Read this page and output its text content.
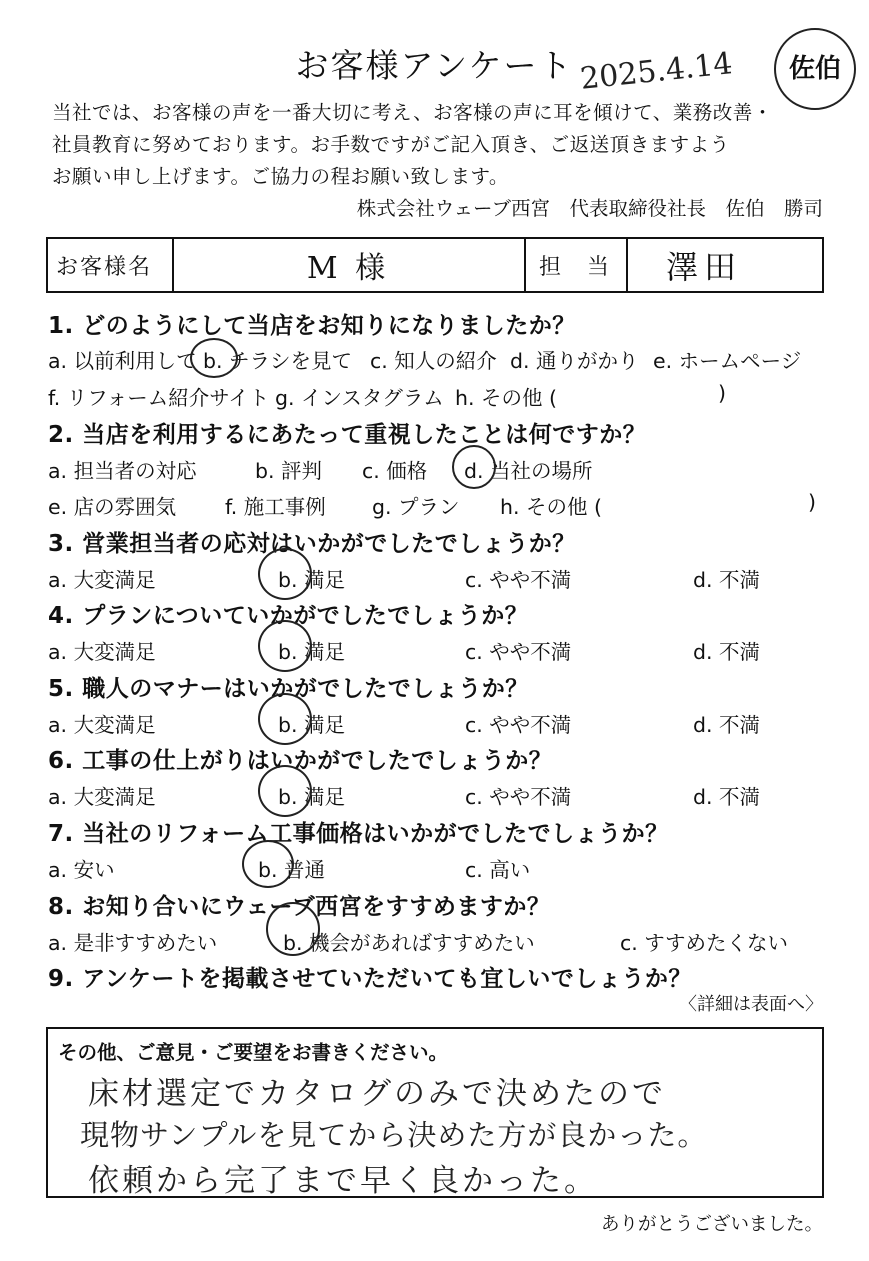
お客様アンケート 2025.4.14	佐伯
当社では、お客様の声を一番大切に考え、お客様の声に耳を傾けて、業務改善・
社員教育に努めております。お手数ですがご記入頂き、ご返送頂きますよう
お願い申し上げます。ご協力の程お願い致します。
株式会社ウェーブ西宮　代表取締役社長　佐伯　勝司
お客様名	M 様	担　当	澤田
1. どのようにして当店をお知りになりましたか？
a. 以前利用して b. チラシを見て c. 知人の紹介 d. 通りがかり e. ホームページ
f. リフォーム紹介サイト g. インスタグラム h. その他 (	)
2. 当店を利用するにあたって重視したことは何ですか？
a. 担当者の対応	b. 評判 c. 価格 d. 当社の場所
e. 店の雰囲気 f. 施工事例 g. プラン h. その他 (	)
3. 営業担当者の応対はいかがでしたでしょうか？
a. 大変満足	b. 満足	c. やや不満	d. 不満
4. プランについていかがでしたでしょうか？
a. 大変満足	b. 満足	c. やや不満	d. 不満
5. 職人のマナーはいかがでしたでしょうか？
a. 大変満足	b. 満足	c. やや不満	d. 不満
6. 工事の仕上がりはいかがでしたでしょうか？
a. 大変満足	b. 満足	c. やや不満	d. 不満
7. 当社のリフォーム工事価格はいかがでしたでしょうか？
a. 安い	b. 普通	c. 高い
8. お知り合いにウェーブ西宮をすすめますか？
a. 是非すすめたい	b. 機会があればすすめたい	c. すすめたくない
9. アンケートを掲載させていただいても宜しいでしょうか？
〈詳細は表面へ〉
その他、ご意見・ご要望をお書きください。
床材選定でカタログのみで決めたので
現物サンプルを見てから決めた方が良かった。
依頼から完了まで早く良かった。
ありがとうございました。
